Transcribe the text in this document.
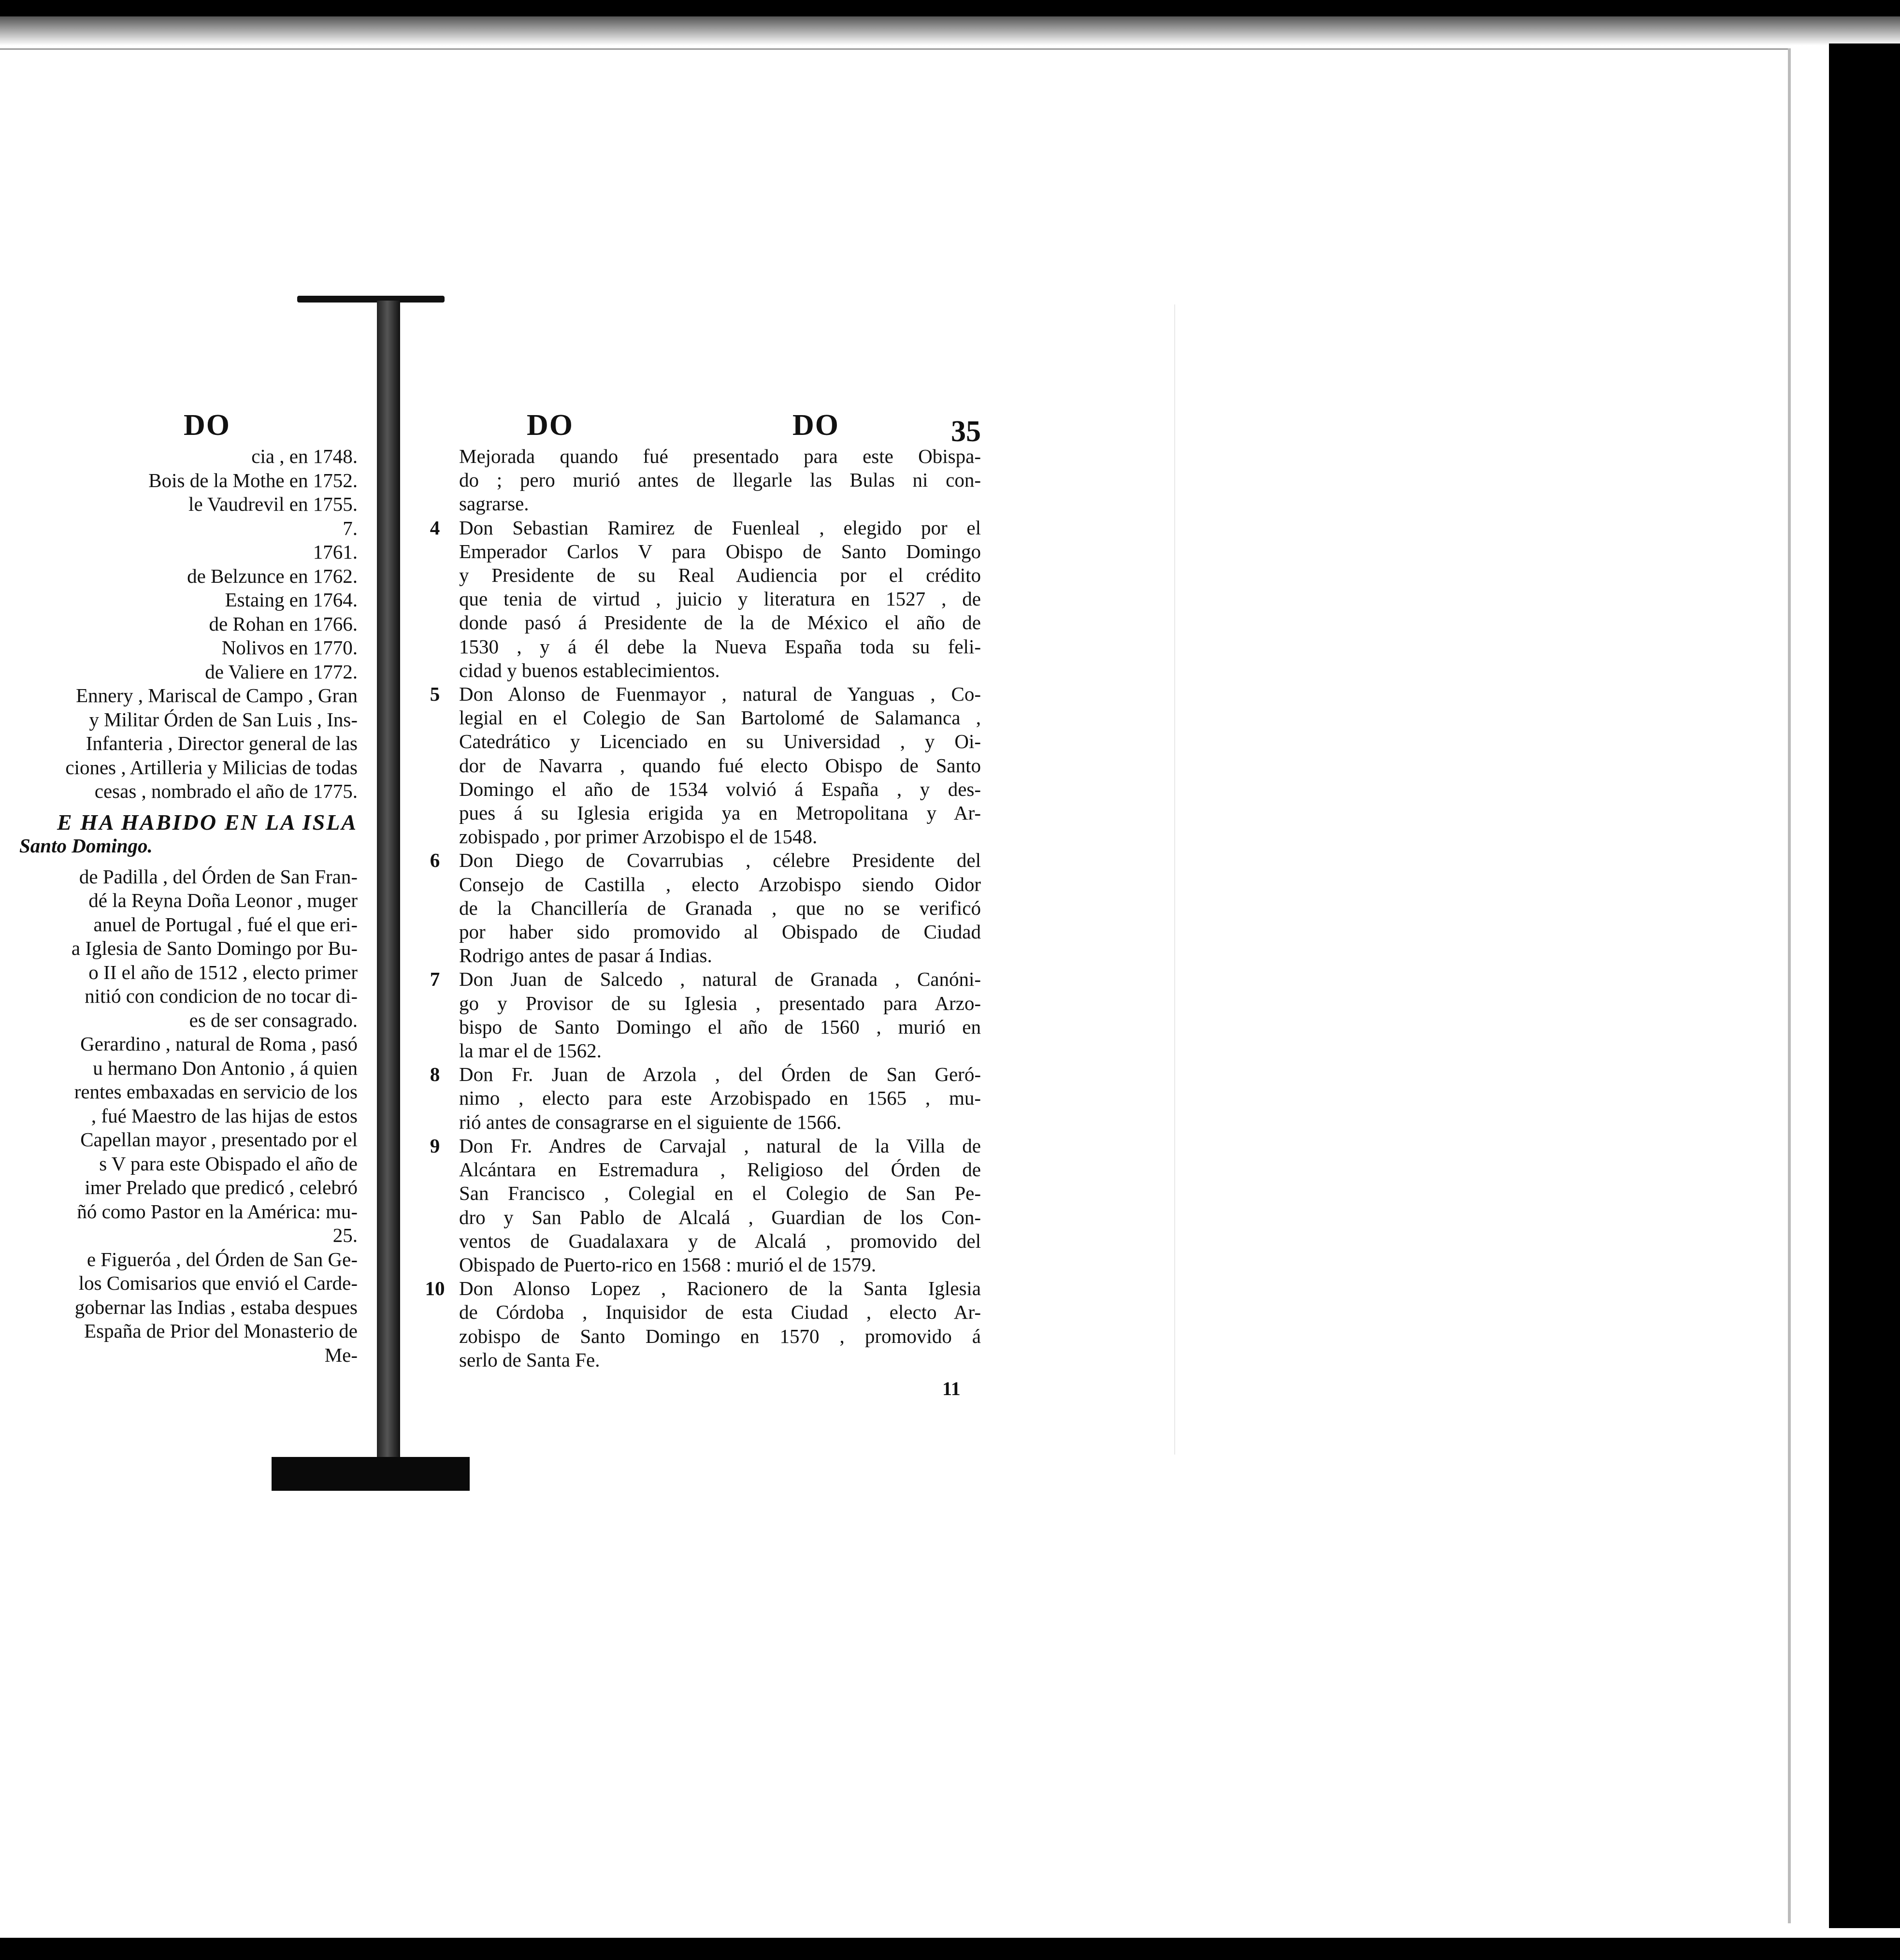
DO
cia , en 1748.
Bois de la Mothe en 1752.
le Vaudrevil en 1755.
7.
1761.
de Belzunce en 1762.
Estaing en 1764.
de Rohan en 1766.
Nolivos en 1770.
de Valiere en 1772.
Ennery , Mariscal de Campo , Gran
y Militar Órden de San Luis , Ins-
Infanteria , Director general de las
ciones , Artilleria y Milicias de todas
cesas , nombrado el año de 1775.
E HA HABIDO EN LA ISLA
Santo Domingo.
de Padilla , del Órden de San Fran-
dé la Reyna Doña Leonor , muger
anuel de Portugal , fué el que eri-
a Iglesia de Santo Domingo por Bu-
o II el año de 1512 , electo primer
nitió con condicion de no tocar di-
es de ser consagrado.
Gerardino , natural de Roma , pasó
u hermano Don Antonio , á quien
rentes embaxadas en servicio de los
, fué Maestro de las hijas de estos
Capellan mayor , presentado por el
s V para este Obispado el año de
imer Prelado que predicó , celebró
ñó como Pastor en la América: mu-
25.
e Figueróa , del Órden de San Ge-
los Comisarios que envió el Carde-
gobernar las Indias , estaba despues
España de Prior del Monasterio de
Me-
DO	DO	35
Mejorada quando fué presentado para este Obispa-
do ; pero murió antes de llegarle las Bulas ni con-
sagrarse.
4 Don Sebastian Ramirez de Fuenleal , elegido por el
Emperador Carlos V para Obispo de Santo Domingo
y Presidente de su Real Audiencia por el crédito
que tenia de virtud , juicio y literatura en 1527 , de
donde pasó á Presidente de la de México el año de
1530 , y á él debe la Nueva España toda su feli-
cidad y buenos establecimientos.
5 Don Alonso de Fuenmayor , natural de Yanguas , Co-
legial en el Colegio de San Bartolomé de Salamanca ,
Catedrático y Licenciado en su Universidad , y Oi-
dor de Navarra , quando fué electo Obispo de Santo
Domingo el año de 1534 volvió á España , y des-
pues á su Iglesia erigida ya en Metropolitana y Ar-
zobispado , por primer Arzobispo el de 1548.
6 Don Diego de Covarrubias , célebre Presidente del
Consejo de Castilla , electo Arzobispo siendo Oidor
de la Chancillería de Granada , que no se verificó
por haber sido promovido al Obispado de Ciudad
Rodrigo antes de pasar á Indias.
7 Don Juan de Salcedo , natural de Granada , Canóni-
go y Provisor de su Iglesia , presentado para Arzo-
bispo de Santo Domingo el año de 1560 , murió en
la mar el de 1562.
8 Don Fr. Juan de Arzola , del Órden de San Geró-
nimo , electo para este Arzobispado en 1565 , mu-
rió antes de consagrarse en el siguiente de 1566.
9 Don Fr. Andres de Carvajal , natural de la Villa de
Alcántara en Estremadura , Religioso del Órden de
San Francisco , Colegial en el Colegio de San Pe-
dro y San Pablo de Alcalá , Guardian de los Con-
ventos de Guadalaxara y de Alcalá , promovido del
Obispado de Puerto-rico en 1568 : murió el de 1579.
10 Don Alonso Lopez , Racionero de la Santa Iglesia
de Córdoba , Inquisidor de esta Ciudad , electo Ar-
zobispo de Santo Domingo en 1570 , promovido á
serlo de Santa Fe.
11
